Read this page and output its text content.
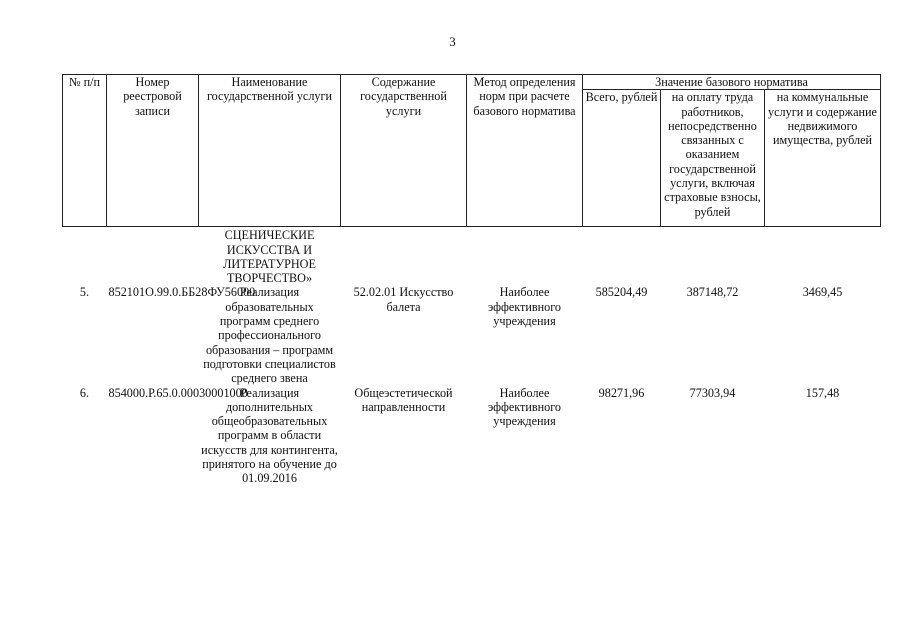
3
№ п/п	Номер реестровой записи	Наименование государственной услуги	Содержание государственной услуги	Метод определения норм при расчете базового норматива	Значение базового норматива		
					Всего, рублей	на оплату труда работников, непосредственно связанных с оказанием государственной услуги, включая страховые взносы, рублей	на коммунальные услуги и содержание недвижимого имущества, рублей
		СЦЕНИЧЕСКИЕ ИСКУССТВА И ЛИТЕРАТУРНОЕ ТВОРЧЕСТВО»					
5.	852101О.99.0.ББ28ФУ56000	Реализация образовательных программ среднего профессионального образования – программ подготовки специалистов среднего звена	52.02.01 Искусство балета	Наиболее эффективного учреждения	585204,49	387148,72	3469,45
6.	854000.Р.65.0.00030001000	Реализация дополнительных общеобразовательных программ в области искусств для контингента, принятого на обучение до 01.09.2016	Общеэстетической направленности	Наиболее эффективного учреждения	98271,96	77303,94	157,48
